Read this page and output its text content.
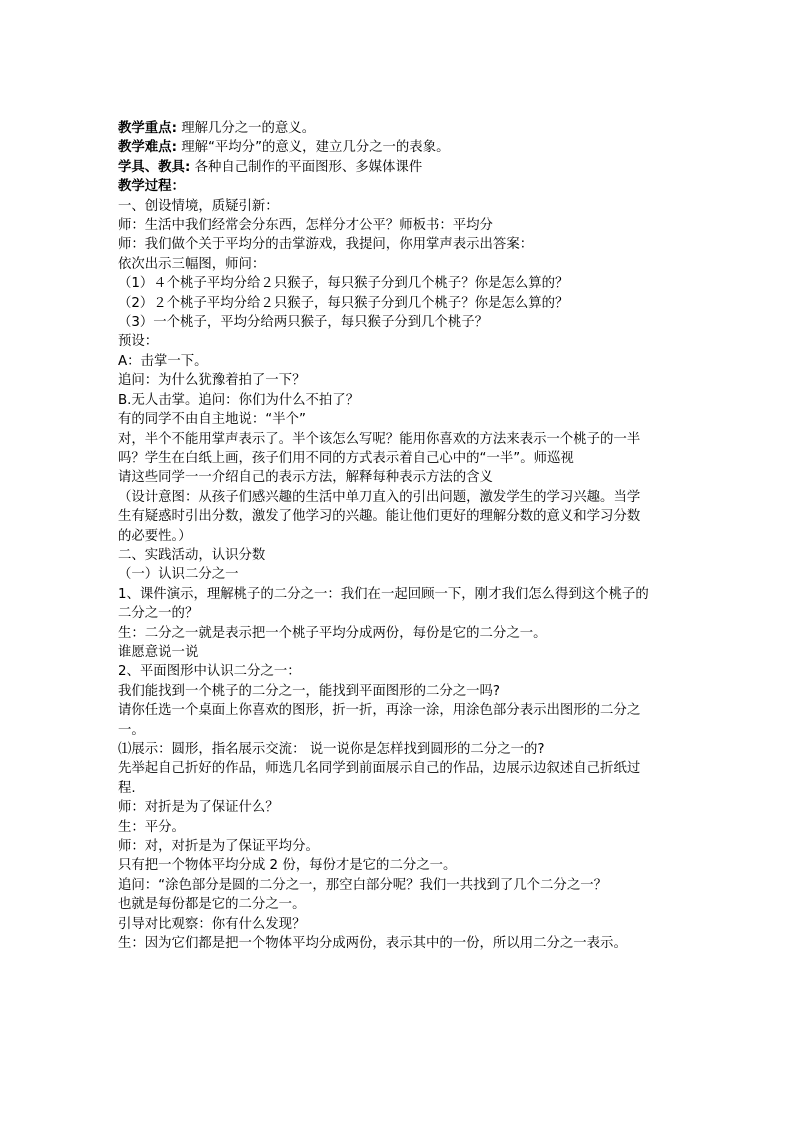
教学重点: 理解几分之一的意义。

教学难点: 理解“平均分”的意义，建立几分之一的表象。

学具、教具: 各种自己制作的平面图形、多媒体课件

教学过程：

一、创设情境，质疑引新：

师：生活中我们经常会分东西，怎样分才公平？师板书：平均分

师：我们做个关于平均分的击掌游戏，我提问，你用掌声表示出答案：

依次出示三幅图，师问：

（1）４个桃子平均分给２只猴子，每只猴子分到几个桃子？你是怎么算的？

（2）２个桃子平均分给２只猴子，每只猴子分到几个桃子？你是怎么算的？

（3）一个桃子，平均分给两只猴子，每只猴子分到几个桃子？

预设：

A：击掌一下。

追问：为什么犹豫着拍了一下？

B.无人击掌。追问：你们为什么不拍了？

有的同学不由自主地说：“半个”

对，半个不能用掌声表示了。半个该怎么写呢？能用你喜欢的方法来表示一个桃子的一半

吗？学生在白纸上画，孩子们用不同的方式表示着自己心中的“一半”。师巡视

请这些同学一一介绍自己的表示方法，解释每种表示方法的含义

（设计意图：从孩子们感兴趣的生活中单刀直入的引出问题，激发学生的学习兴趣。当学

生有疑惑时引出分数，激发了他学习的兴趣。能让他们更好的理解分数的意义和学习分数

的必要性。）

二、实践活动，认识分数

（一）认识二分之一

1、课件演示，理解桃子的二分之一：我们在一起回顾一下，刚才我们怎么得到这个桃子的

二分之一的？

生：二分之一就是表示把一个桃子平均分成两份，每份是它的二分之一。

谁愿意说一说

2、平面图形中认识二分之一：

我们能找到一个桃子的二分之一，能找到平面图形的二分之一吗?

请你任选一个桌面上你喜欢的图形，折一折，再涂一涂，用涂色部分表示出图形的二分之

一。

⑴展示：圆形，指名展示交流： 说一说你是怎样找到圆形的二分之一的?

先举起自己折好的作品，师选几名同学到前面展示自己的作品，边展示边叙述自己折纸过

程.

师：对折是为了保证什么？

生：平分。

师：对，对折是为了保证平均分。

只有把一个物体平均分成 2 份，每份才是它的二分之一。

追问：“涂色部分是圆的二分之一，那空白部分呢？我们一共找到了几个二分之一？

也就是每份都是它的二分之一。

引导对比观察：你有什么发现？

生：因为它们都是把一个物体平均分成两份，表示其中的一份，所以用二分之一表示。
